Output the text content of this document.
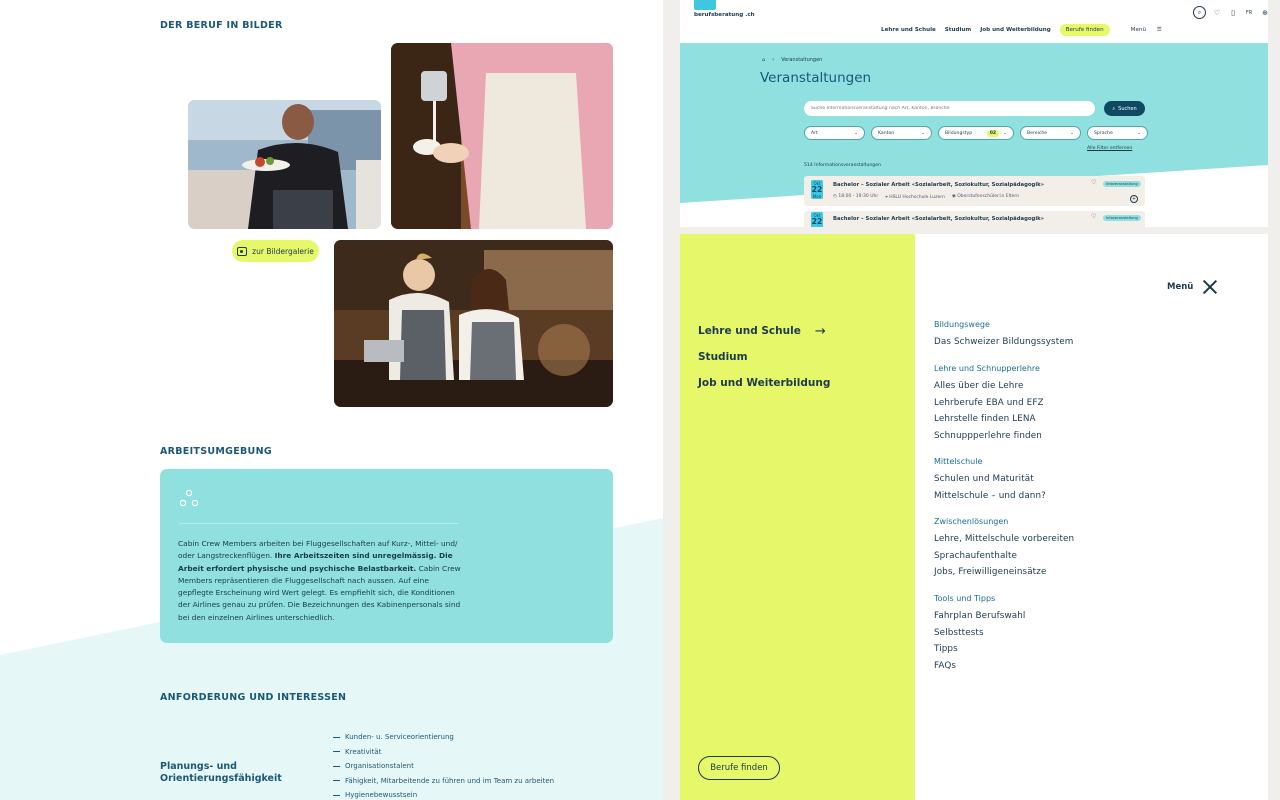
DER BERUF IN BILDER
zur Bildergalerie
ARBEITSUMGEBUNG

Cabin Crew Members arbeiten bei Fluggesellschaften auf Kurz-, Mittel- und/ oder Langstreckenflügen. Ihre Arbeitszeiten sind unregelmässig. Die Arbeit erfordert physische und psychische Belastbarkeit. Cabin Crew Members repräsentieren die Fluggesellschaft nach aussen. Auf eine gepflegte Erscheinung wird Wert gelegt. Es empfiehlt sich, die Konditionen der Airlines genau zu prüfen. Die Bezeichnungen des Kabinenpersonals sind bei den einzelnen Airlines unterschiedlich.

ANFORDERUNG UND INTERESSEN
Planungs- und Orientierungsfähigkeit
Kunden- u. Serviceorientierung
Kreativität
Organisationstalent
Fähigkeit, Mitarbeitende zu führen und im Team zu arbeiten
Hygienebewusstsein
berufsberatung .ch	⌕	♡	▯	FR ⊕
Lehre und Schule Studium Job und Weiterbildung	Berufe finden	Menü ☰
⌂ › Veranstaltungen
Veranstaltungen
Suche Informationsveranstaltung nach Art, Kanton, Branche
⌕ Suchen
Art	⌄	Kanton	⌄	Bildungstyp	02	⌄	Bereiche	⌄	Sprache	⌄
Alle Filter entfernen
514 Informationsveranstaltungen
Okt
22
Mon
Bachelor – Sozialer Arbeit «Sozialarbeit, Soziokultur, Sozialpädagogik»
◷ 18:00 - 19:30 Uhr ⌖ HSLU Hochschule Luzern ◉ Oberstufenschüler:in Eltern
♡	Infoveranstaltung
+
Okt
22 Bachelor – Sozialer Arbeit «Sozialarbeit, Soziokultur, Sozialpädagogik»	♡	Infoveranstaltung
Lehre und Schule →
Studium
Job und Weiterbildung
Berufe finden
Menü
Bildungswege
Das Schweizer Bildungssystem
Lehre und Schnupperlehre
Alles über die Lehre
Lehrberufe EBA und EFZ
Lehrstelle finden LENA
Schnuppperlehre finden
Mittelschule
Schulen und Maturität
Mittelschule – und dann?
Zwischenlösungen
Lehre, Mittelschule vorbereiten
Sprachaufenthalte
Jobs, Freiwilligeneinsätze
Tools und Tipps
Fahrplan Berufswahl
Selbsttests
Tipps
FAQs
